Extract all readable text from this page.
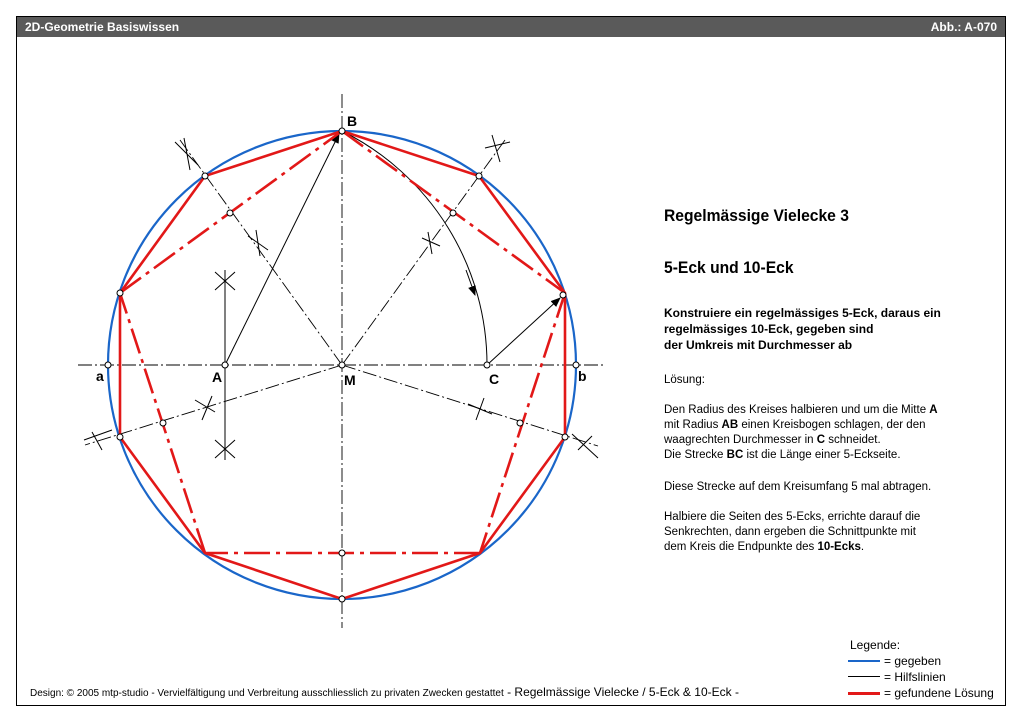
2D-Geometrie Basiswissen	Abb.: A-070
B
M
A	C
a	b
Regelmässige Vielecke 3
5-Eck und 10-Eck
Konstruiere ein regelmässiges 5-Eck, daraus ein
regelmässiges 10-Eck, gegeben sind
der Umkreis mit Durchmesser ab
Lösung:
Den Radius des Kreises halbieren und um die Mitte A
mit Radius AB einen Kreisbogen schlagen, der den
waagrechten Durchmesser in C schneidet.
Die Strecke BC ist die Länge einer 5-Eckseite.
Diese Strecke auf dem Kreisumfang 5 mal abtragen.
Halbiere die Seiten des 5-Ecks, errichte darauf die
Senkrechten, dann ergeben die Schnittpunkte mit
dem Kreis die Endpunkte des 10-Ecks.
Legende:
= gegeben
= Hilfslinien
= gefundene Lösung
Design: © 2005 mtp-studio - Vervielfältigung und Verbreitung ausschliesslich zu privaten Zwecken gestattet - Regelmässige Vielecke / 5-Eck & 10-Eck -
